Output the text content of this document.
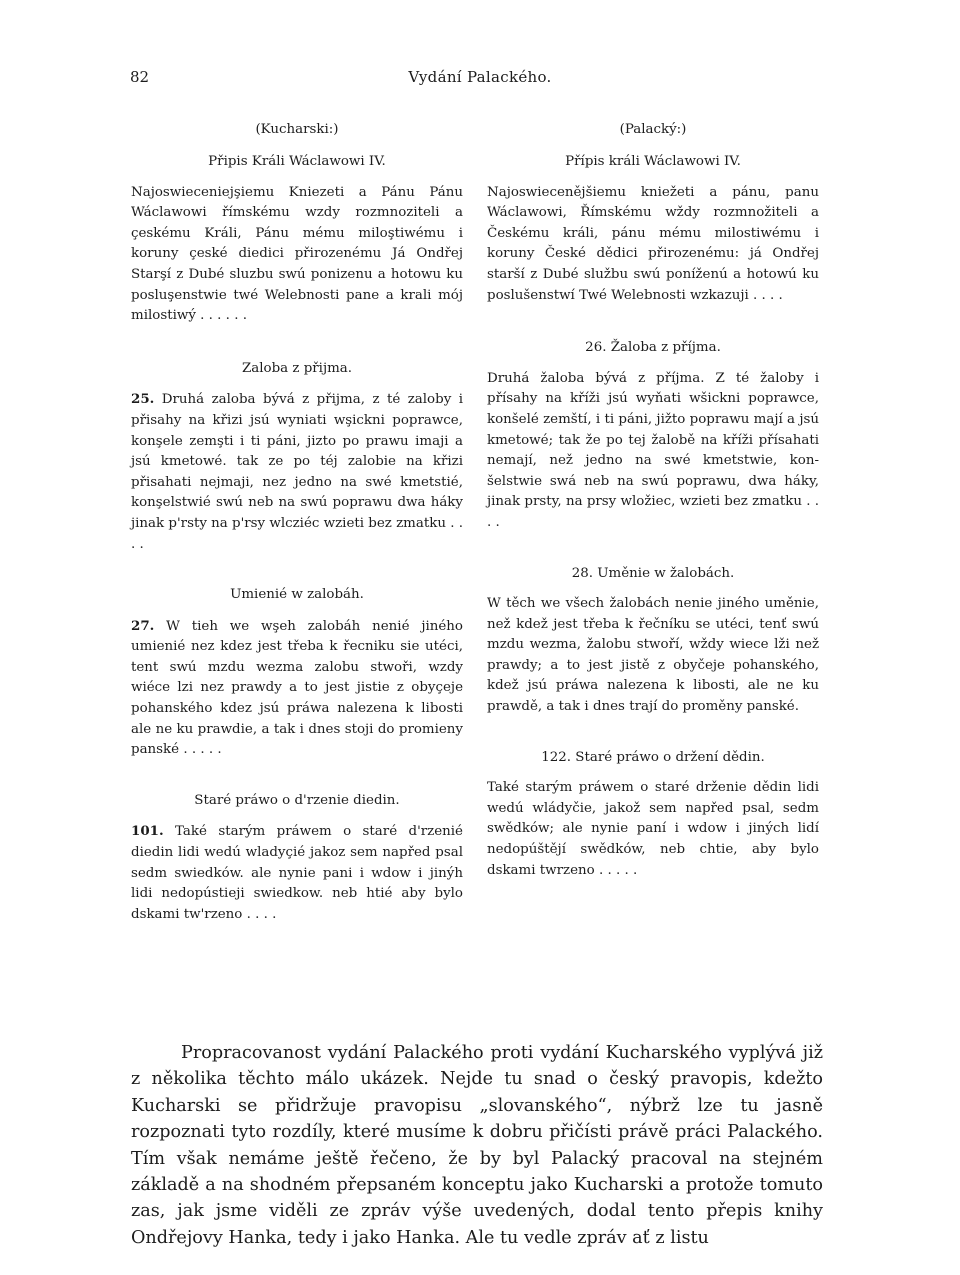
82	Vydání Palackého.
(Kucharski:)
Připis Králi Wáclawowi IV.
Najoswieceniejşiemu Kniezeti a Pánu Pánu Wáclawowi římskému wzdy rozmnoziteli a çeskému Králi, Pánu mému miloştiwému i koruny çeské diedici přirozenému Já Ondřej Starşí z Dubé sluzbu swú ponizenu a hotowu ku posluşenstwie twé Welebnosti pane a krali mój milostiwý . . . . . .
Zaloba z přijma.
25. Druhá zaloba bývá z přijma, z té zaloby i přisahy na křizi jsú wyniati wşickni poprawce, konşele zemşti i ti páni, jizto po prawu imaji a jsú kmetowé. tak ze po téj zalobie na křizi přisahati nejmaji, nez jedno na swé kmetstié, konşelstwié swú neb na swú poprawu dwa háky jinak p'rsty na p'rsy wlcziéc wzieti bez zmatku . . . .
Umienié w zalobáh.
27. W tieh we wşeh zalobáh nenié jiného umienié nez kdez jest třeba k řecniku sie utéci, tent swú mzdu wezma zalobu stwoři, wzdy wiéce lzi nez prawdy a to jest jistie z obyçeje pohanského kdez jsú práwa nalezena k libosti ale ne ku prawdie, a tak i dnes stoji do promieny panské . . . . .
Staré práwo o d'rzenie diedin.
101. Také starým práwem o staré d'rzenié diedin lidi wedú wladyçié jakoz sem napřed psal sedm swiedków. ale nynie pani i wdow i jinýh lidi nedopústieji swiedkow. neb htié aby bylo dskami tw'rzeno . . . .
(Palacký:)
Přípis králi Wáclawowi IV.
Najoswiecenějšiemu kniežeti a pánu, panu Wáclawowi, Římskému wždy rozmnožiteli a Českému králi, pánu mému milostiwému i koruny České dědici přirozenému: já Ondřej starší z Dubé službu swú poníženú a hotowú ku poslušenstwí Twé Welebnosti wzkazuji . . . .
26. Žaloba z příjma.
Druhá žaloba bývá z příjma. Z té žaloby i přísahy na kříži jsú wyňati wšickni poprawce, konšelé zemští, i ti páni, jižto poprawu mají a jsú kmetowé; tak že po tej žalobě na kříži přísahati nemají, než jedno na swé kmetstwie, konšelstwie swá neb na swú poprawu, dwa háky, jinak prsty, na prsy wložiec, wzieti bez zmatku . . . .
28. Uměnie w žalobách.
W těch we všech žalobách nenie jiného uměnie, než kdež jest třeba k řečníku se utéci, tenť swú mzdu wezma, žalobu stwoří, wždy wiece lži než prawdy; a to jest jistě z obyčeje pohanského, kdež jsú práwa nalezena k libosti, ale ne ku prawdě, a tak i dnes trají do proměny panské.
122. Staré práwo o držení dědin.
Také starým práwem o staré drženie dědin lidi wedú wládyčie, jakož sem napřed psal, sedm swědków; ale nynie paní i wdow i jiných lidí nedopúštějí swědków, neb chtie, aby bylo dskami twrzeno . . . . .

Propracovanost vydání Palackého proti vydání Kucharského vyplývá již z několika těchto málo ukázek. Nejde tu snad o český pravopis, kdežto Kucharski se přidržuje pravopisu „slovanského“, nýbrž lze tu jasně rozpoznati tyto rozdíly, které musíme k dobru přičísti právě práci Palackého. Tím však nemáme ještě řečeno, že by byl Palacký pracoval na stejném základě a na shodném přepsaném konceptu jako Kucharski a protože tomuto zas, jak jsme viděli ze zpráv výše uvedených, dodal tento přepis knihy Ondřejovy Hanka, tedy i jako Hanka. Ale tu vedle zpráv ať z listu
